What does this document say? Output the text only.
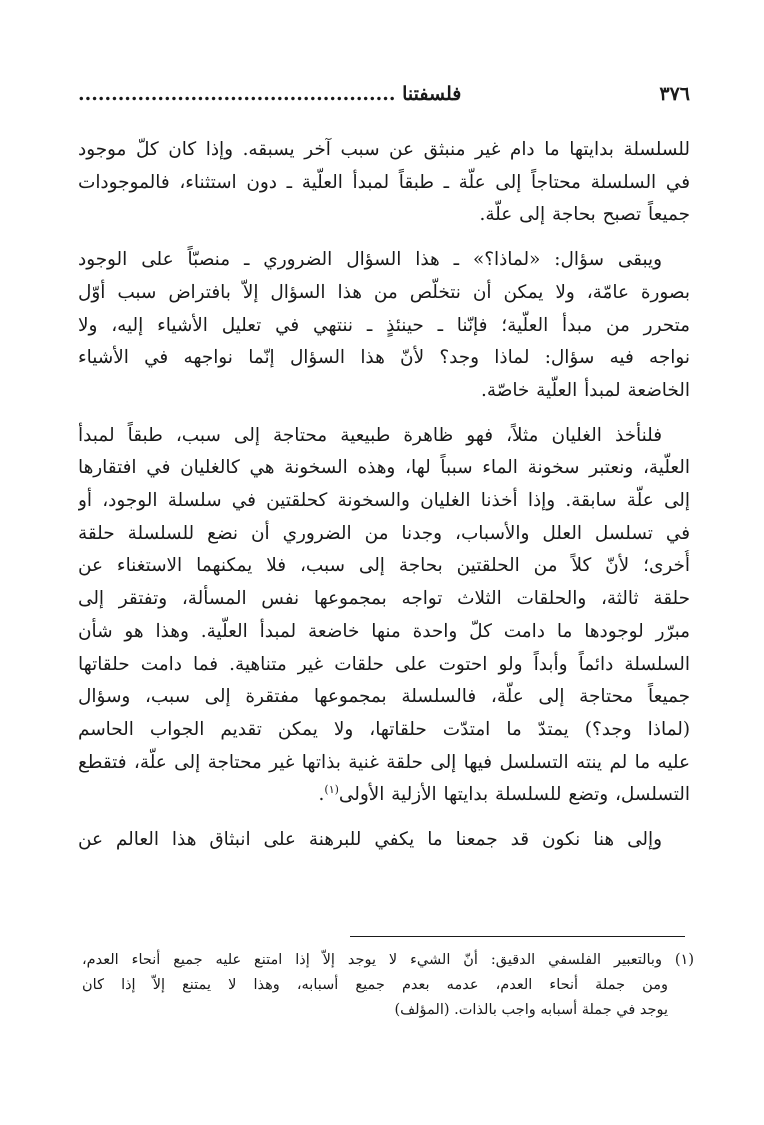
٣٧٦
فلسفتنا ................................................
للسلسلة بدايتها ما دام غير منبثق عن سبب آخر يسبقه. وإذا كان كلّ موجود
في السلسلة محتاجاً إلى علّة ـ طبقاً لمبدأ العلّية ـ دون استثناء، فالموجودات
جميعاً تصبح بحاجة إلى علّة.
ويبقى سؤال: «لماذا؟» ـ هذا السؤال الضروري ـ منصبّاً على الوجود
بصورة عامّة، ولا يمكن أن نتخلّص من هذا السؤال إلاّ بافتراض سبب أوّل
متحرر من مبدأ العلّية؛ فإنّنا ـ حينئذٍ ـ ننتهي في تعليل الأشياء إليه، ولا
نواجه فيه سؤال: لماذا وجد؟ لأنّ هذا السؤال إنّما نواجهه في الأشياء
الخاضعة لمبدأ العلّية خاصّة.
فلنأخذ الغليان مثلاً، فهو ظاهرة طبيعية محتاجة إلى سبب، طبقاً لمبدأ
العلّية، ونعتبر سخونة الماء سبباً لها، وهذه السخونة هي كالغليان في افتقارها
إلى علّة سابقة. وإذا أخذنا الغليان والسخونة كحلقتين في سلسلة الوجود، أو
في تسلسل العلل والأسباب، وجدنا من الضروري أن نضع للسلسلة حلقة
أُخرى؛ لأنّ كلاً من الحلقتين بحاجة إلى سبب، فلا يمكنهما الاستغناء عن
حلقة ثالثة، والحلقات الثلاث تواجه بمجموعها نفس المسألة، وتفتقر إلى
مبرّر لوجودها ما دامت كلّ واحدة منها خاضعة لمبدأ العلّية. وهذا هو شأن
السلسلة دائماً وأبداً ولو احتوت على حلقات غير متناهية. فما دامت حلقاتها
جميعاً محتاجة إلى علّة، فالسلسلة بمجموعها مفتقرة إلى سبب، وسؤال
(لماذا وجد؟) يمتدّ ما امتدّت حلقاتها، ولا يمكن تقديم الجواب الحاسم
عليه ما لم ينته التسلسل فيها إلى حلقة غنية بذاتها غير محتاجة إلى علّة، فتقطع
التسلسل، وتضع للسلسلة بدايتها الأزلية الأولى$^{(١)}$.
وإلى هنا نكون قد جمعنا ما يكفي للبرهنة على انبثاق هذا العالم عن
(١) وبالتعبير الفلسفي الدقيق: أنّ الشيء لا يوجد إلاّ إذا امتنع عليه جميع أنحاء العدم،
ومن جملة أنحاء العدم، عدمه بعدم جميع أسبابه، وهذا لا يمتنع إلاّ إذا كان
يوجد في جملة أسبابه واجب بالذات. (المؤلف)
